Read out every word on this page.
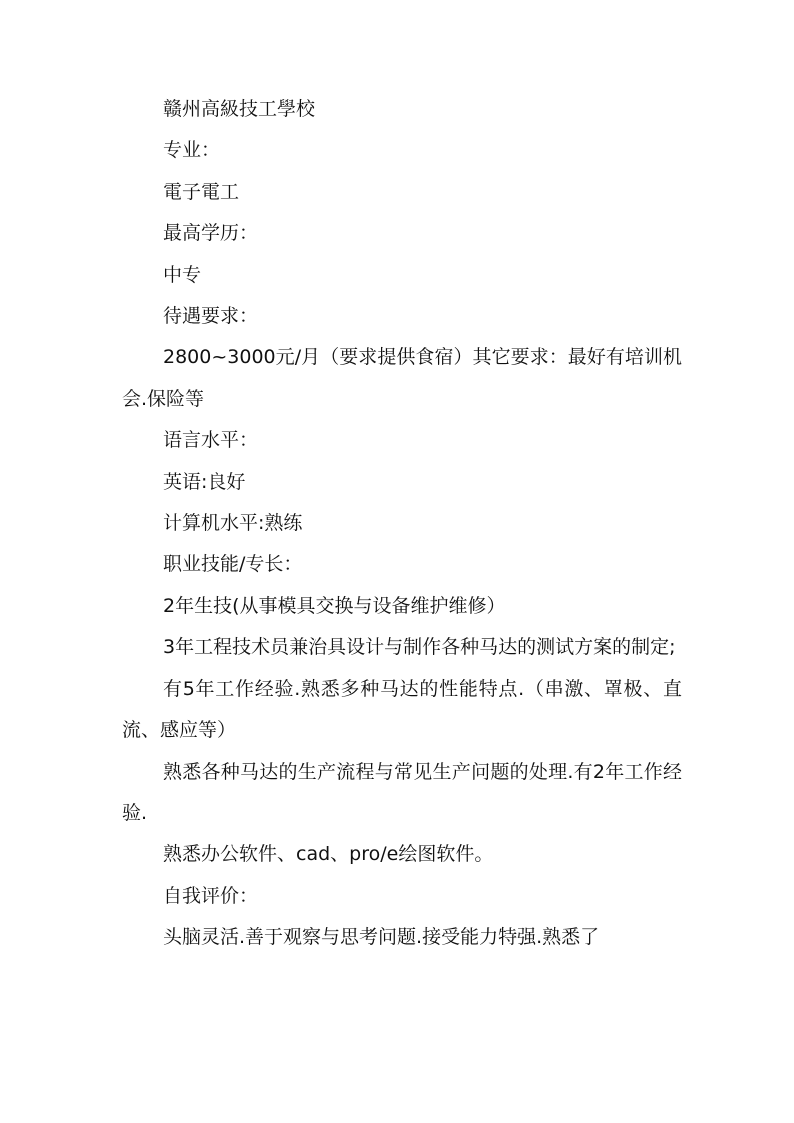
赣州高級技工學校

专业：

電子電工

最高学历：

中专

待遇要求：

2800~3000元/月（要求提供食宿）其它要求：最好有培训机会.保险等

语言水平：

英语:良好

计算机水平:熟练

职业技能/专长：

2年生技(从事模具交换与设备维护维修）

3年工程技术员兼治具设计与制作各种马达的测试方案的制定;

有5年工作经验.熟悉多种马达的性能特点.（串激、罩极、直流、感应等）

熟悉各种马达的生产流程与常见生产问题的处理.有2年工作经验.

熟悉办公软件、cad、pro/e绘图软件。

自我评价：

头脑灵活.善于观察与思考问题.接受能力特强.熟悉了
